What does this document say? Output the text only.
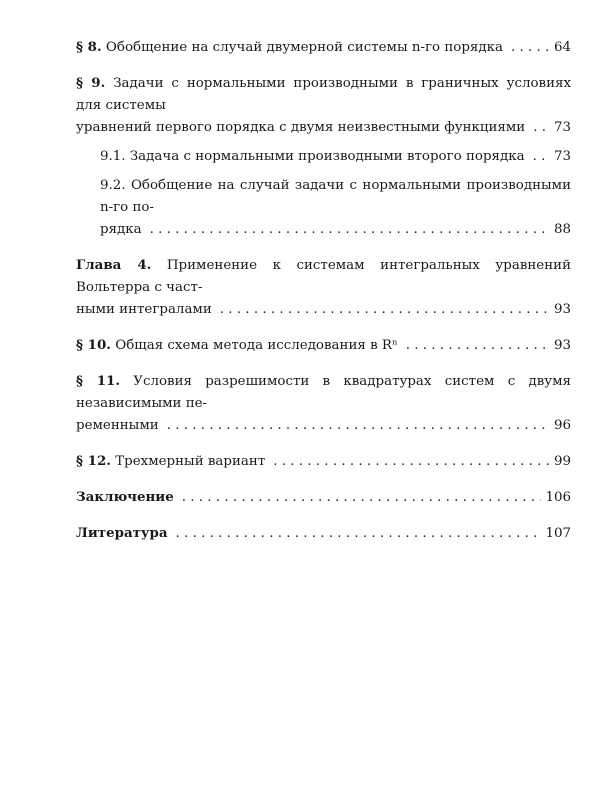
§ 8. Обобщение на случай двумерной системы n-го порядка . . .	64
§ 9. Задачи с нормальными производными в граничных условиях для системы
уравнений первого порядка с двумя неизвестными функциями . . . 73
9.1. Задача с нормальными производными второго порядка . . . 73
9.2. Обобщение на случай задачи с нормальными производными n-го по-
рядка . . .	88
Глава 4. Применение к системам интегральных уравнений Вольтерра с част-
ными интегралами . . .	93
§ 10. Общая схема метода исследования в Rⁿ . . .	93
§ 11. Условия разрешимости в квадратурах систем с двумя независимыми пе-
ременными . . .	96
§ 12. Трехмерный вариант . . .	99
Заключение . . .	106
Литература . . .	107
